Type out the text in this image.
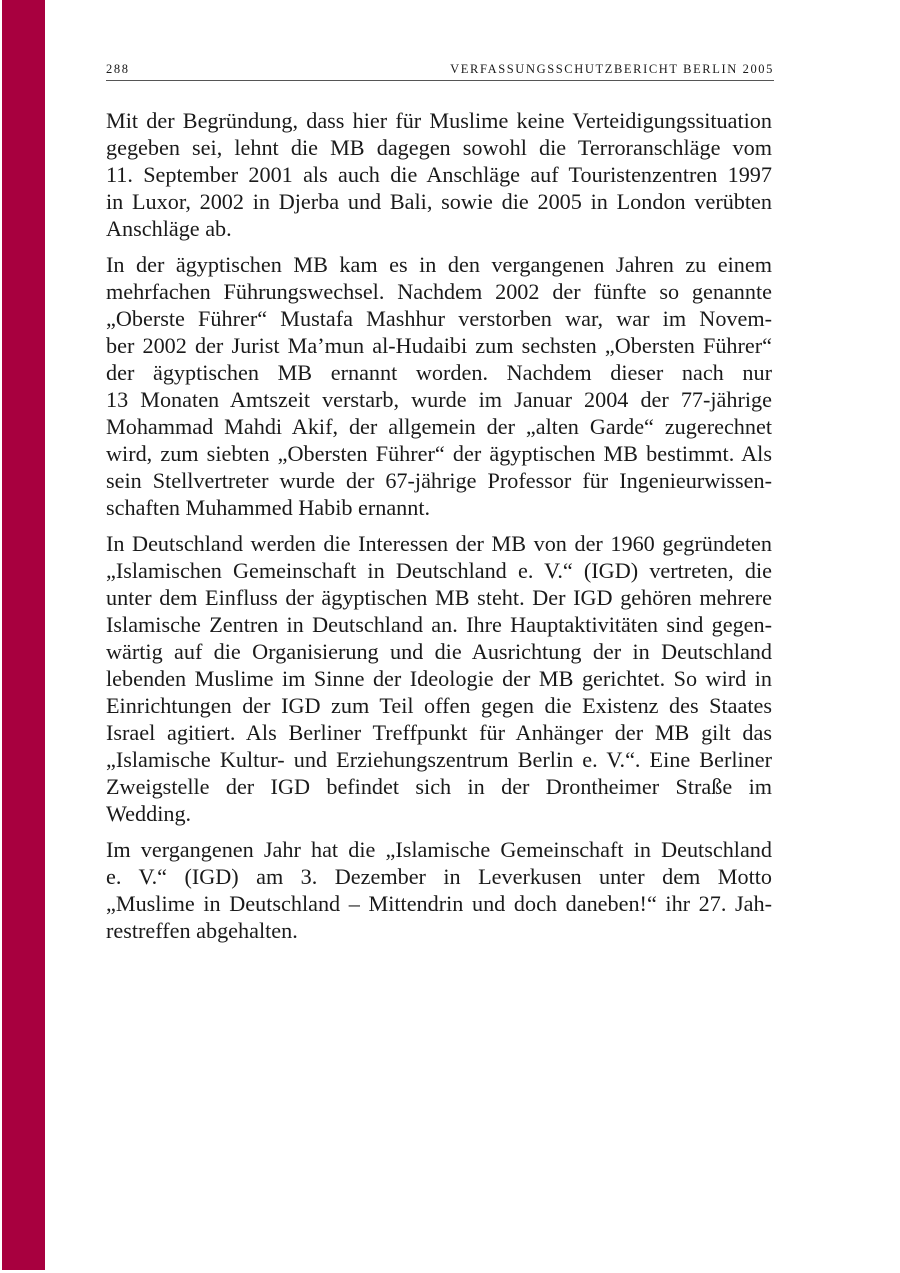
288	VERFASSUNGSSCHUTZBERICHT BERLIN 2005
Mit der Begründung, dass hier für Muslime keine Verteidigungssituation
gegeben sei, lehnt die MB dagegen sowohl die Terroranschläge vom
11. September 2001 als auch die Anschläge auf Touristenzentren 1997
in Luxor, 2002 in Djerba und Bali, sowie die 2005 in London verübten
Anschläge ab.
In der ägyptischen MB kam es in den vergangenen Jahren zu einem
mehrfachen Führungswechsel. Nachdem 2002 der fünfte so genannte
„Oberste Führer“ Mustafa Mashhur verstorben war, war im Novem-
ber 2002 der Jurist Ma’mun al-Hudaibi zum sechsten „Obersten Führer“
der ägyptischen MB ernannt worden. Nachdem dieser nach nur
13 Monaten Amtszeit verstarb, wurde im Januar 2004 der 77-jährige
Mohammad Mahdi Akif, der allgemein der „alten Garde“ zugerechnet
wird, zum siebten „Obersten Führer“ der ägyptischen MB bestimmt. Als
sein Stellvertreter wurde der 67-jährige Professor für Ingenieurwissen-
schaften Muhammed Habib ernannt.
In Deutschland werden die Interessen der MB von der 1960 gegründeten
„Islamischen Gemeinschaft in Deutschland e. V.“ (IGD) vertreten, die
unter dem Einfluss der ägyptischen MB steht. Der IGD gehören mehrere
Islamische Zentren in Deutschland an. Ihre Hauptaktivitäten sind gegen-
wärtig auf die Organisierung und die Ausrichtung der in Deutschland
lebenden Muslime im Sinne der Ideologie der MB gerichtet. So wird in
Einrichtungen der IGD zum Teil offen gegen die Existenz des Staates
Israel agitiert. Als Berliner Treffpunkt für Anhänger der MB gilt das
„Islamische Kultur- und Erziehungszentrum Berlin e. V.“. Eine Berliner
Zweigstelle der IGD befindet sich in der Drontheimer Straße im
Wedding.
Im vergangenen Jahr hat die „Islamische Gemeinschaft in Deutschland
e. V.“ (IGD) am 3. Dezember in Leverkusen unter dem Motto
„Muslime in Deutschland – Mittendrin und doch daneben!“ ihr 27. Jah-
restreffen abgehalten.
